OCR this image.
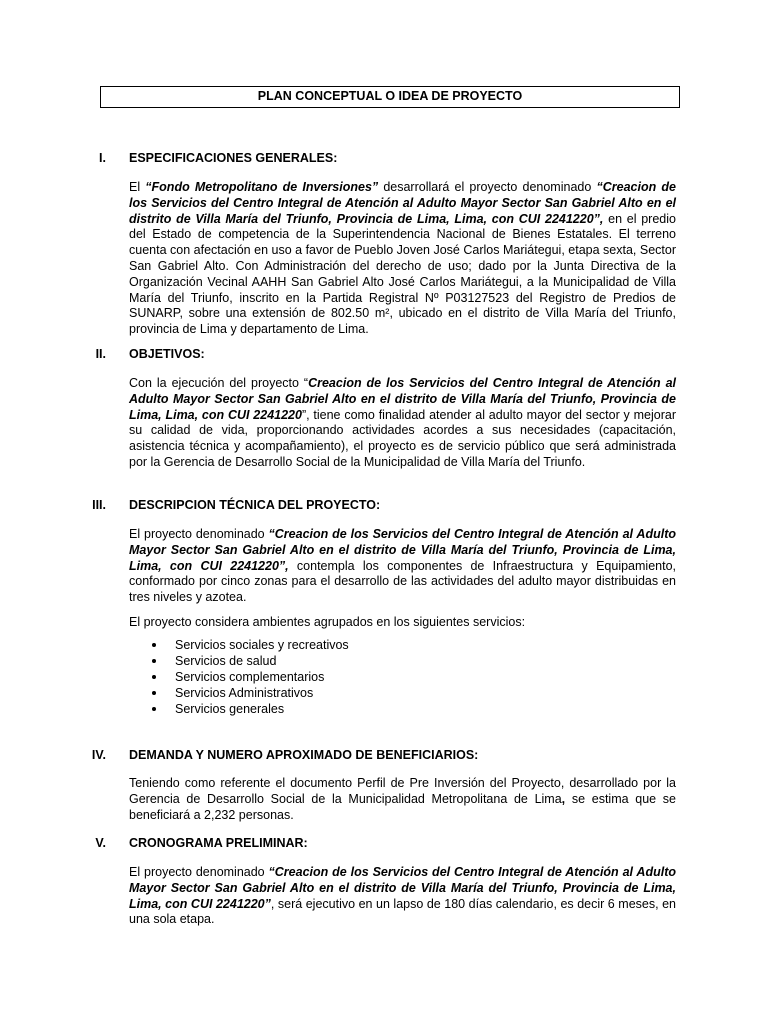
PLAN CONCEPTUAL O IDEA DE PROYECTO
I. ESPECIFICACIONES GENERALES:
El “Fondo Metropolitano de Inversiones” desarrollará el proyecto denominado “Creacion de los Servicios del Centro Integral de Atención al Adulto Mayor Sector San Gabriel Alto en el distrito de Villa María del Triunfo, Provincia de Lima, Lima, con CUI 2241220”, en el predio del Estado de competencia de la Superintendencia Nacional de Bienes Estatales. El terreno cuenta con afectación en uso a favor de Pueblo Joven José Carlos Mariátegui, etapa sexta, Sector San Gabriel Alto. Con Administración del derecho de uso; dado por la Junta Directiva de la Organización Vecinal AAHH San Gabriel Alto José Carlos Mariátegui, a la Municipalidad de Villa María del Triunfo, inscrito en la Partida Registral Nº P03127523 del Registro de Predios de SUNARP, sobre una extensión de 802.50 m², ubicado en el distrito de Villa María del Triunfo, provincia de Lima y departamento de Lima.
II. OBJETIVOS:
Con la ejecución del proyecto “Creacion de los Servicios del Centro Integral de Atención al Adulto Mayor Sector San Gabriel Alto en el distrito de Villa María del Triunfo, Provincia de Lima, Lima, con CUI 2241220”, tiene como finalidad atender al adulto mayor del sector y mejorar su calidad de vida, proporcionando actividades acordes a sus necesidades (capacitación, asistencia técnica y acompañamiento), el proyecto es de servicio público que será administrada por la Gerencia de Desarrollo Social de la Municipalidad de Villa María del Triunfo.
III. DESCRIPCION TÉCNICA DEL PROYECTO:
El proyecto denominado “Creacion de los Servicios del Centro Integral de Atención al Adulto Mayor Sector San Gabriel Alto en el distrito de Villa María del Triunfo, Provincia de Lima, Lima, con CUI 2241220”, contempla los componentes de Infraestructura y Equipamiento, conformado por cinco zonas para el desarrollo de las actividades del adulto mayor distribuidas en tres niveles y azotea.
El proyecto considera ambientes agrupados en los siguientes servicios:
Servicios sociales y recreativos
Servicios de salud
Servicios complementarios
Servicios Administrativos
Servicios generales
IV. DEMANDA Y NUMERO APROXIMADO DE BENEFICIARIOS:
Teniendo como referente el documento Perfil de Pre Inversión del Proyecto, desarrollado por la Gerencia de Desarrollo Social de la Municipalidad Metropolitana de Lima, se estima que se beneficiará a 2,232 personas.
V. CRONOGRAMA PRELIMINAR:
El proyecto denominado “Creacion de los Servicios del Centro Integral de Atención al Adulto Mayor Sector San Gabriel Alto en el distrito de Villa María del Triunfo, Provincia de Lima, Lima, con CUI 2241220”, será ejecutivo en un lapso de 180 días calendario, es decir 6 meses, en una sola etapa.
